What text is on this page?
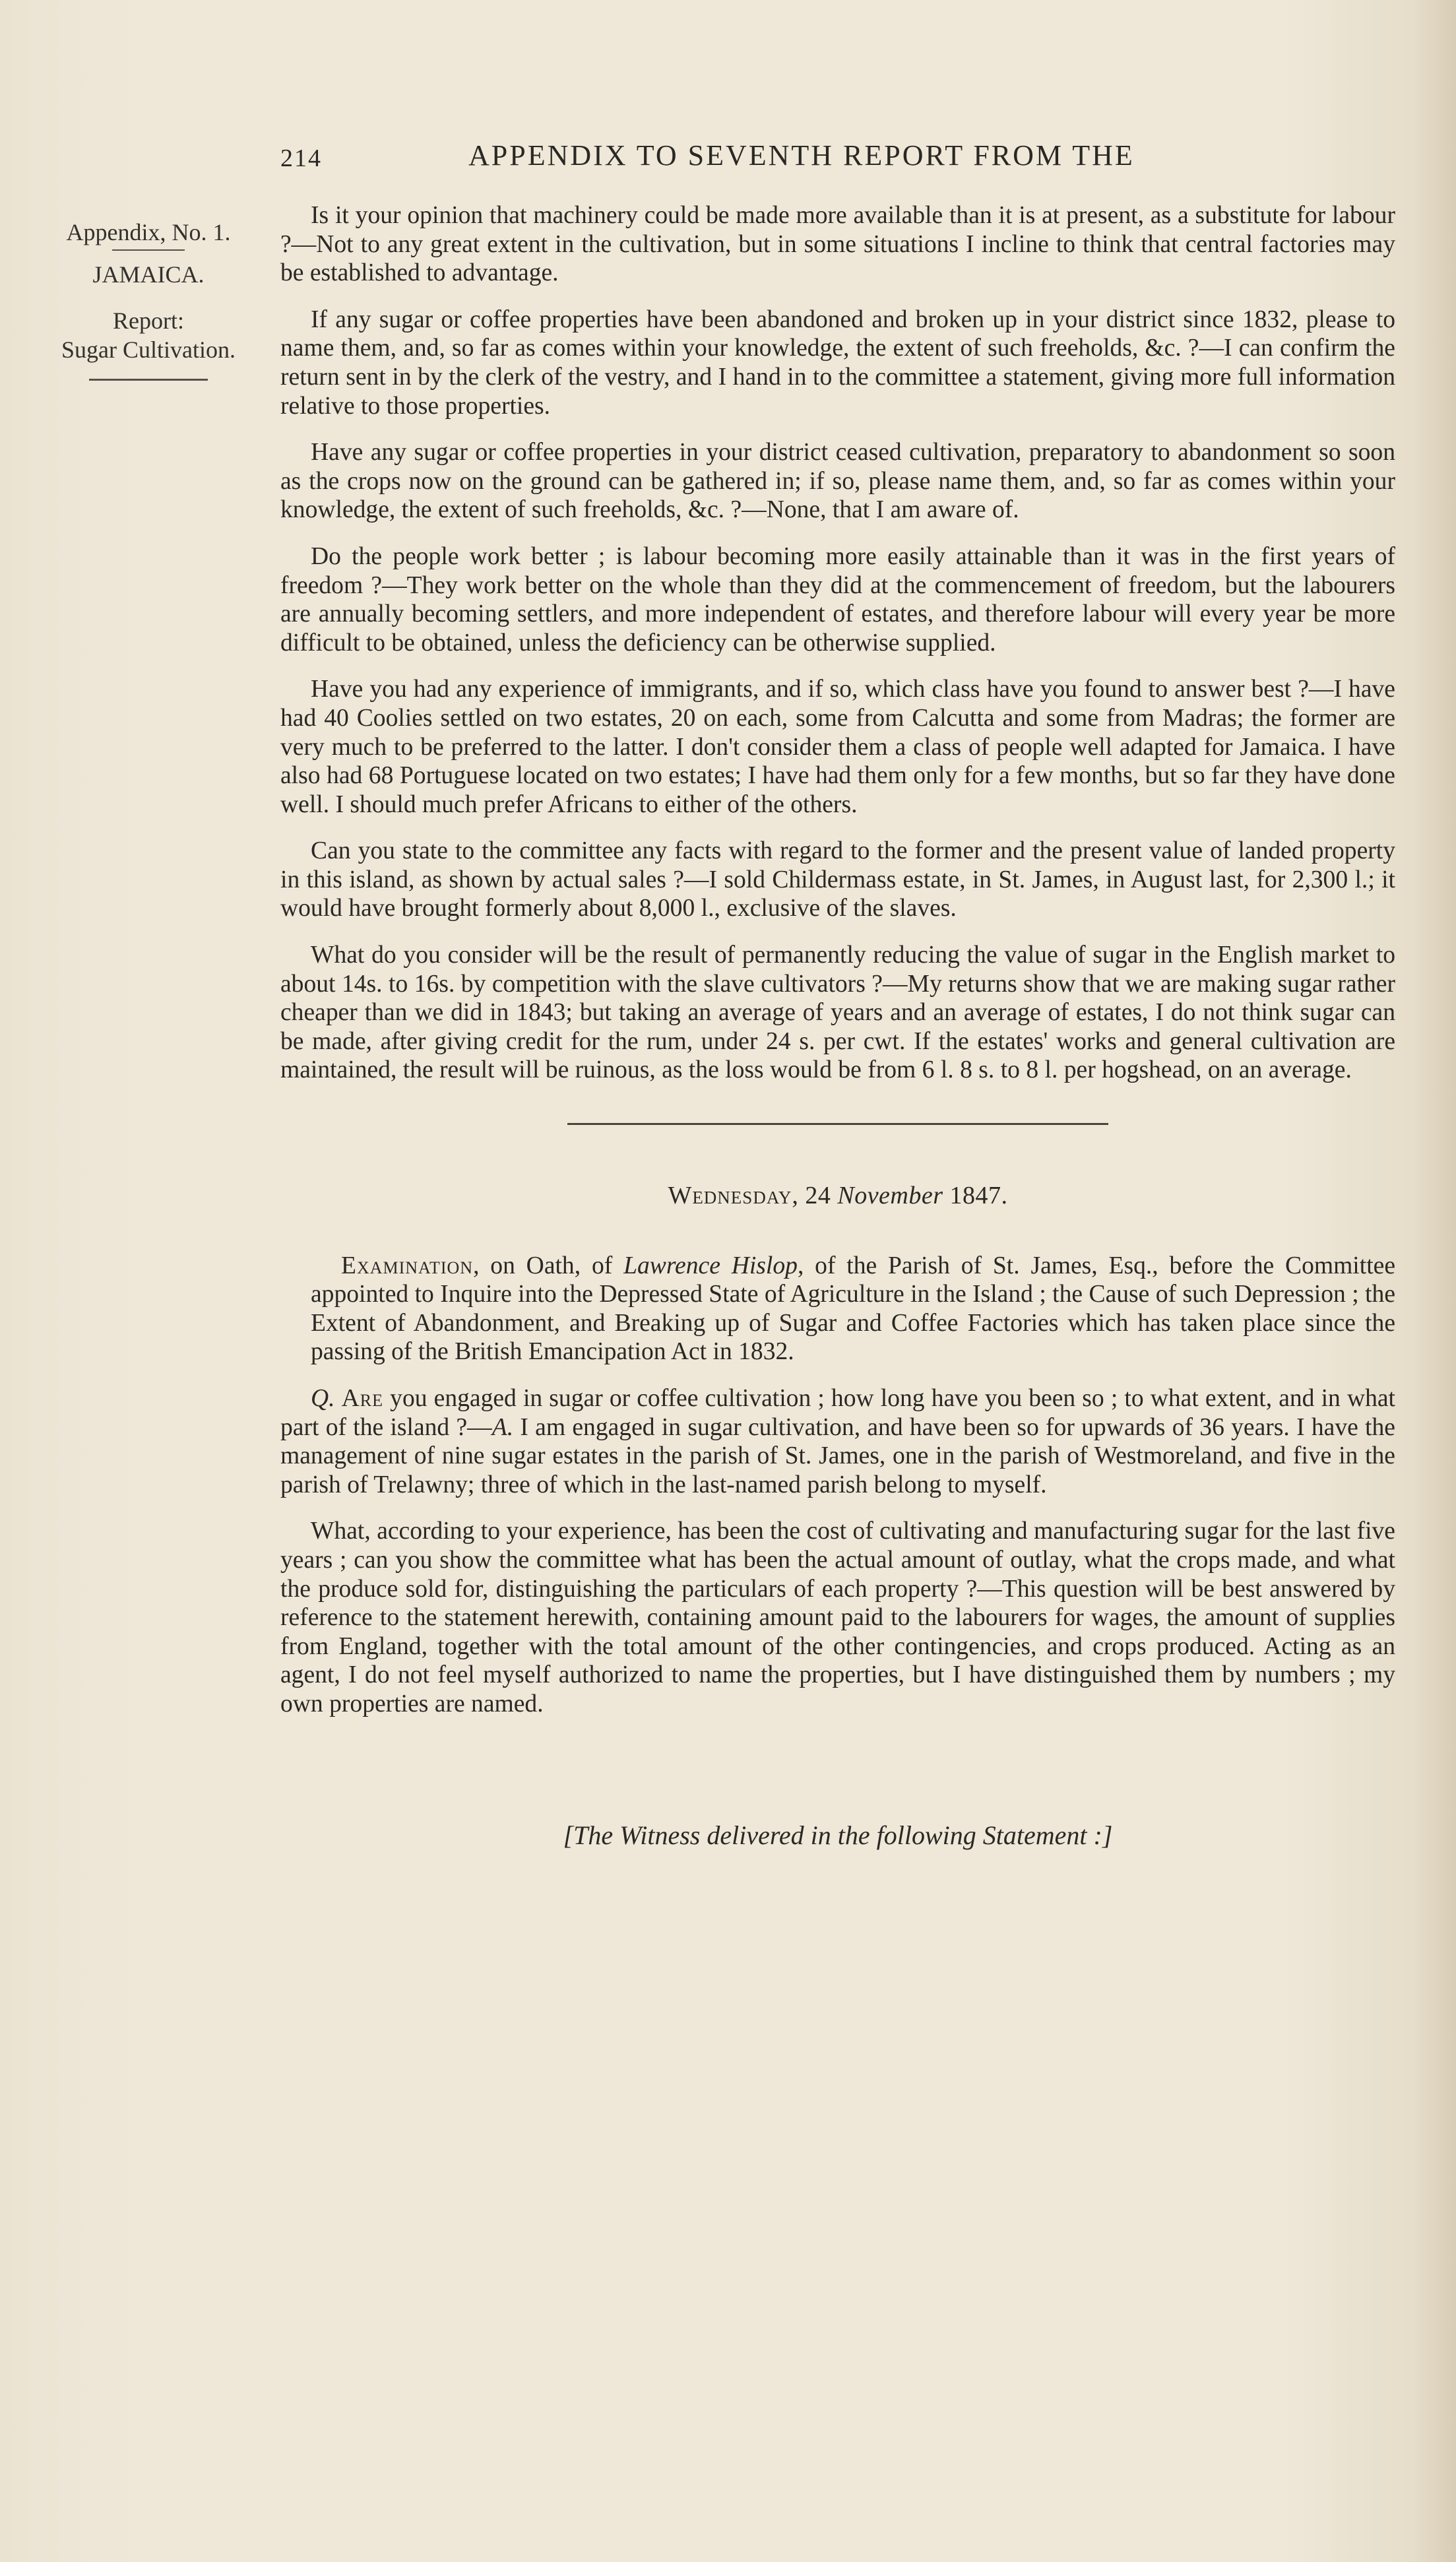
214	APPENDIX TO SEVENTH REPORT FROM THE
Appendix, No. 1.
JAMAICA.
Report:
Sugar Cultivation.

Is it your opinion that machinery could be made more available than it is at present, as a substitute for labour ?—Not to any great extent in the cultivation, but in some situations I incline to think that central factories may be established to advantage.

If any sugar or coffee properties have been abandoned and broken up in your district since 1832, please to name them, and, so far as comes within your knowledge, the extent of such freeholds, &c. ?—I can confirm the return sent in by the clerk of the vestry, and I hand in to the committee a statement, giving more full information relative to those properties.

Have any sugar or coffee properties in your district ceased cultivation, preparatory to abandonment so soon as the crops now on the ground can be gathered in; if so, please name them, and, so far as comes within your knowledge, the extent of such freeholds, &c. ?—None, that I am aware of.

Do the people work better ; is labour becoming more easily attainable than it was in the first years of freedom ?—They work better on the whole than they did at the commencement of freedom, but the labourers are annually becoming settlers, and more independent of estates, and therefore labour will every year be more difficult to be obtained, unless the deficiency can be otherwise supplied.

Have you had any experience of immigrants, and if so, which class have you found to answer best ?—I have had 40 Coolies settled on two estates, 20 on each, some from Calcutta and some from Madras; the former are very much to be preferred to the latter. I don't consider them a class of people well adapted for Jamaica. I have also had 68 Portuguese located on two estates; I have had them only for a few months, but so far they have done well. I should much prefer Africans to either of the others.

Can you state to the committee any facts with regard to the former and the present value of landed property in this island, as shown by actual sales ?—I sold Childermass estate, in St. James, in August last, for 2,300 l.; it would have brought formerly about 8,000 l., exclusive of the slaves.

What do you consider will be the result of permanently reducing the value of sugar in the English market to about 14s. to 16s. by competition with the slave cultivators ?—My returns show that we are making sugar rather cheaper than we did in 1843; but taking an average of years and an average of estates, I do not think sugar can be made, after giving credit for the rum, under 24 s. per cwt. If the estates' works and general cultivation are maintained, the result will be ruinous, as the loss would be from 6 l. 8 s. to 8 l. per hogshead, on an average.

Wednesday, 24 November 1847.

Examination, on Oath, of Lawrence Hislop, of the Parish of St. James, Esq., before the Committee appointed to Inquire into the Depressed State of Agriculture in the Island ; the Cause of such Depression ; the Extent of Abandonment, and Breaking up of Sugar and Coffee Factories which has taken place since the passing of the British Emancipation Act in 1832.

Q. Are you engaged in sugar or coffee cultivation ; how long have you been so ; to what extent, and in what part of the island ?—A. I am engaged in sugar cultivation, and have been so for upwards of 36 years. I have the management of nine sugar estates in the parish of St. James, one in the parish of Westmoreland, and five in the parish of Trelawny; three of which in the last-named parish belong to myself.

What, according to your experience, has been the cost of cultivating and manufacturing sugar for the last five years ; can you show the committee what has been the actual amount of outlay, what the crops made, and what the produce sold for, distinguishing the particulars of each property ?—This question will be best answered by reference to the statement herewith, containing amount paid to the labourers for wages, the amount of supplies from England, together with the total amount of the other contingencies, and crops produced. Acting as an agent, I do not feel myself authorized to name the properties, but I have distinguished them by numbers ; my own properties are named.

[The Witness delivered in the following Statement :]
